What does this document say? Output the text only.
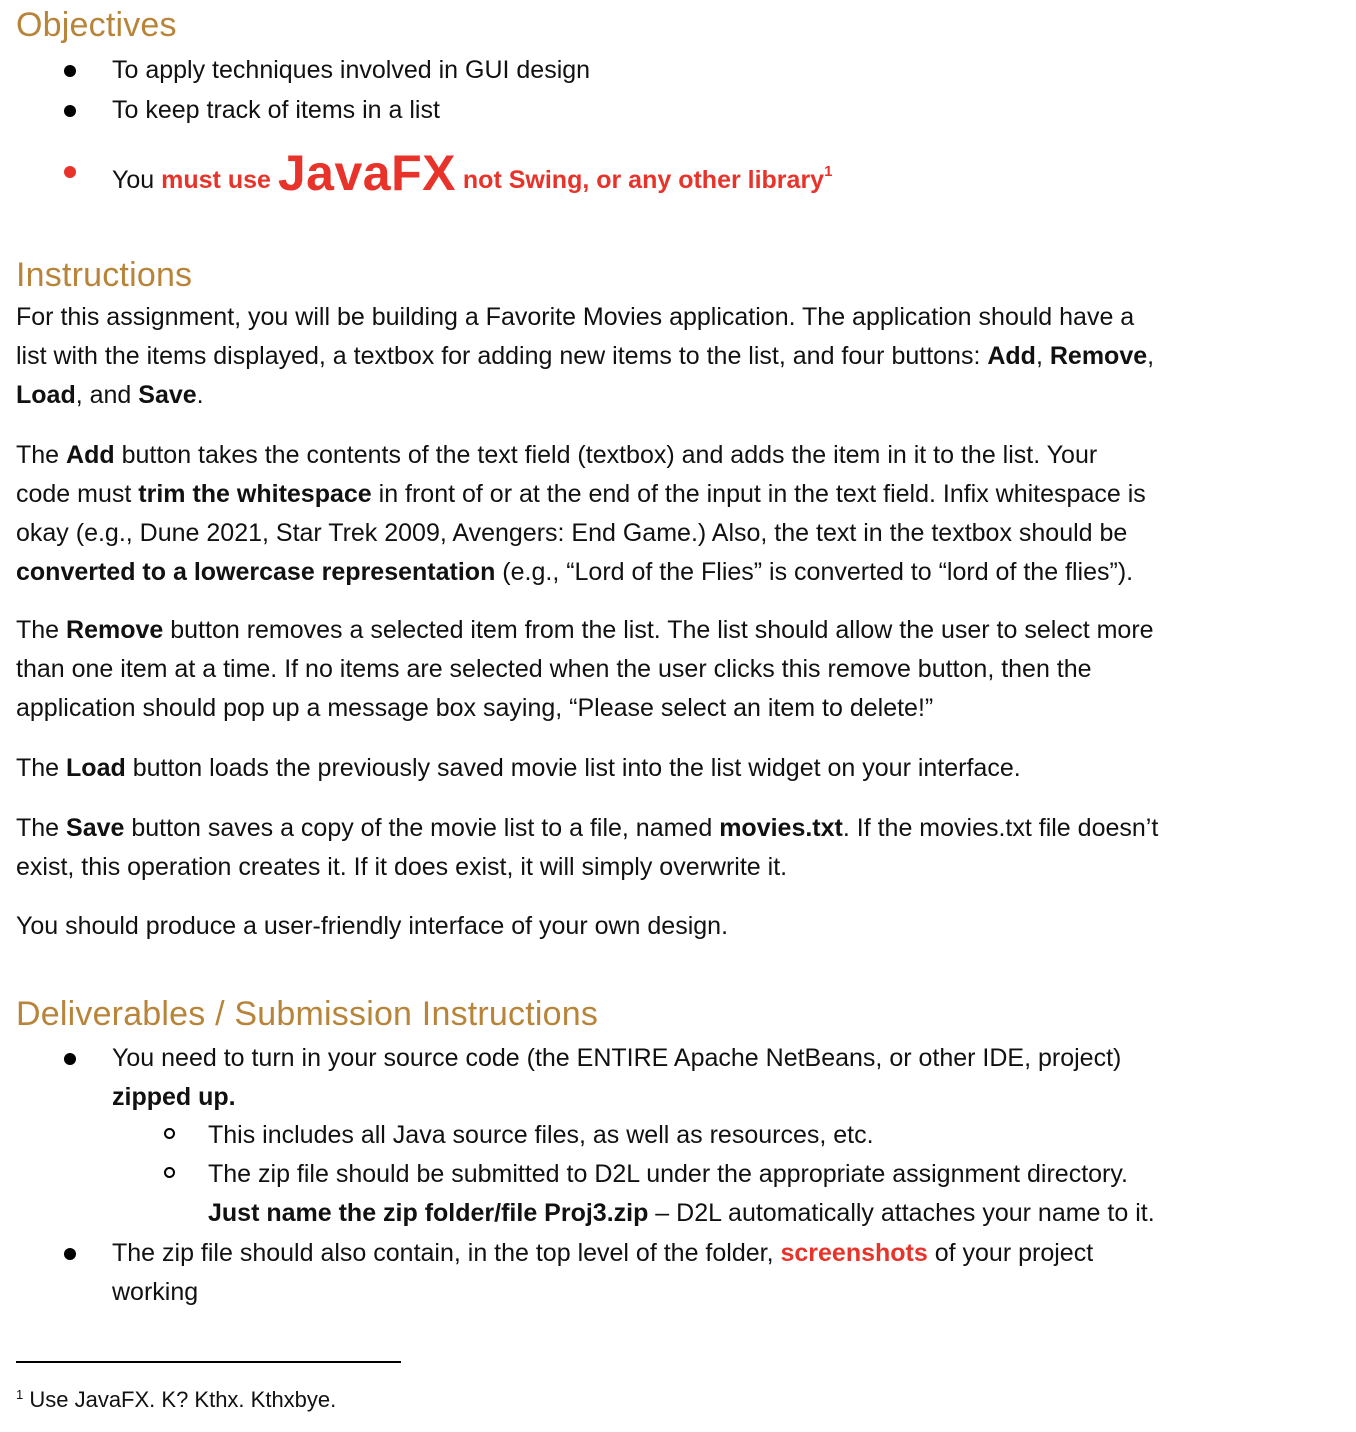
Objectives
To apply techniques involved in GUI design
To keep track of items in a list
You must use JavaFX not Swing, or any other library$^1$
Instructions
For this assignment, you will be building a Favorite Movies application. The application should have a
list with the items displayed, a textbox for adding new items to the list, and four buttons: Add, Remove,
Load, and Save.
The Add button takes the contents of the text field (textbox) and adds the item in it to the list. Your
code must trim the whitespace in front of or at the end of the input in the text field. Infix whitespace is
okay (e.g., Dune 2021, Star Trek 2009, Avengers: End Game.) Also, the text in the textbox should be
converted to a lowercase representation (e.g., “Lord of the Flies” is converted to “lord of the flies”).
The Remove button removes a selected item from the list. The list should allow the user to select more
than one item at a time. If no items are selected when the user clicks this remove button, then the
application should pop up a message box saying, “Please select an item to delete!”
The Load button loads the previously saved movie list into the list widget on your interface.
The Save button saves a copy of the movie list to a file, named movies.txt. If the movies.txt file doesn’t
exist, this operation creates it. If it does exist, it will simply overwrite it.
You should produce a user-friendly interface of your own design.
Deliverables / Submission Instructions
You need to turn in your source code (the ENTIRE Apache NetBeans, or other IDE, project)
zipped up.
This includes all Java source files, as well as resources, etc.
The zip file should be submitted to D2L under the appropriate assignment directory.
Just name the zip folder/file Proj3.zip – D2L automatically attaches your name to it.
The zip file should also contain, in the top level of the folder, screenshots of your project
working
$^1$ Use JavaFX. K? Kthx. Kthxbye.
